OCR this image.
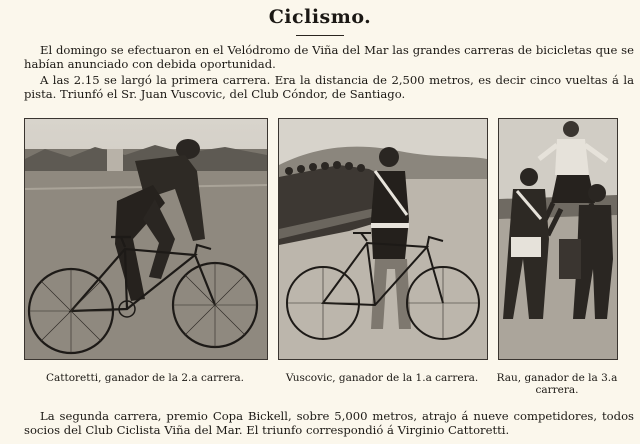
Ciclismo.

El domingo se efectuaron en el Velódromo de Viña del Mar las grandes carreras de bicicletas que se habían anunciado con debida oportunidad.

A las 2.15 se largó la primera carrera. Era la distancia de 2,500 metros, es decir cinco vueltas á la pista. Triunfó el Sr. Juan Vuscovic, del Club Cóndor, de Santiago.

Cattoretti, ganador de la 2.a carrera.	Vuscovic, ganador de la 1.a carrera.	Rau, ganador de la 3.a carrera.

La segunda carrera, premio Copa Bickell, sobre 5,000 metros, atrajo á nueve competidores, todos socios del Club Ciclista Viña del Mar. El triunfo correspondió á Virginio Cattoretti.
